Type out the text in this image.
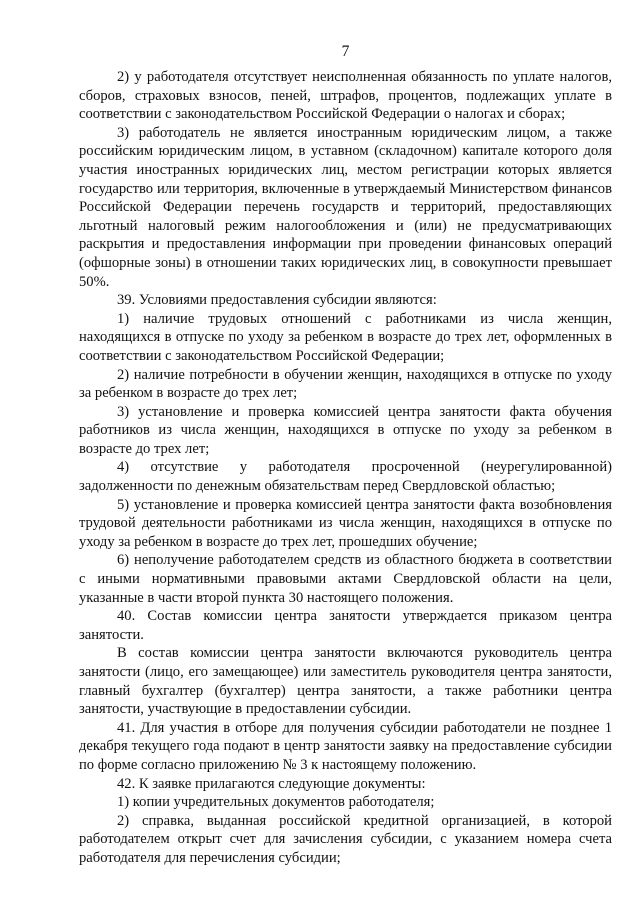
7

2) у работодателя отсутствует неисполненная обязанность по уплате налогов, сборов, страховых взносов, пеней, штрафов, процентов, подлежащих уплате в соответствии с законодательством Российской Федерации о налогах и сборах;

3) работодатель не является иностранным юридическим лицом, а также российским юридическим лицом, в уставном (складочном) капитале которого доля участия иностранных юридических лиц, местом регистрации которых является государство или территория, включенные в утверждаемый Министерством финансов Российской Федерации перечень государств и территорий, предоставляющих льготный налоговый режим налогообложения и (или) не предусматривающих раскрытия и предоставления информации при проведении финансовых операций (офшорные зоны) в отношении таких юридических лиц, в совокупности превышает 50%.

39. Условиями предоставления субсидии являются:

1) наличие трудовых отношений с работниками из числа женщин, находящихся в отпуске по уходу за ребенком в возрасте до трех лет, оформленных в соответствии с законодательством Российской Федерации;

2) наличие потребности в обучении женщин, находящихся в отпуске по уходу за ребенком в возрасте до трех лет;

3) установление и проверка комиссией центра занятости факта обучения работников из числа женщин, находящихся в отпуске по уходу за ребенком в возрасте до трех лет;

4) отсутствие у работодателя просроченной (неурегулированной) задолженности по денежным обязательствам перед Свердловской областью;

5) установление и проверка комиссией центра занятости факта возобновления трудовой деятельности работниками из числа женщин, находящихся в отпуске по уходу за ребенком в возрасте до трех лет, прошедших обучение;

6) неполучение работодателем средств из областного бюджета в соответствии с иными нормативными правовыми актами Свердловской области на цели, указанные в части второй пункта 30 настоящего положения.

40. Состав комиссии центра занятости утверждается приказом центра занятости.

В состав комиссии центра занятости включаются руководитель центра занятости (лицо, его замещающее) или заместитель руководителя центра занятости, главный бухгалтер (бухгалтер) центра занятости, а также работники центра занятости, участвующие в предоставлении субсидии.

41. Для участия в отборе для получения субсидии работодатели не позднее 1 декабря текущего года подают в центр занятости заявку на предоставление субсидии по форме согласно приложению № 3 к настоящему положению.

42. К заявке прилагаются следующие документы:

1) копии учредительных документов работодателя;

2) справка, выданная российской кредитной организацией, в которой работодателем открыт счет для зачисления субсидии, с указанием номера счета работодателя для перечисления субсидии;
